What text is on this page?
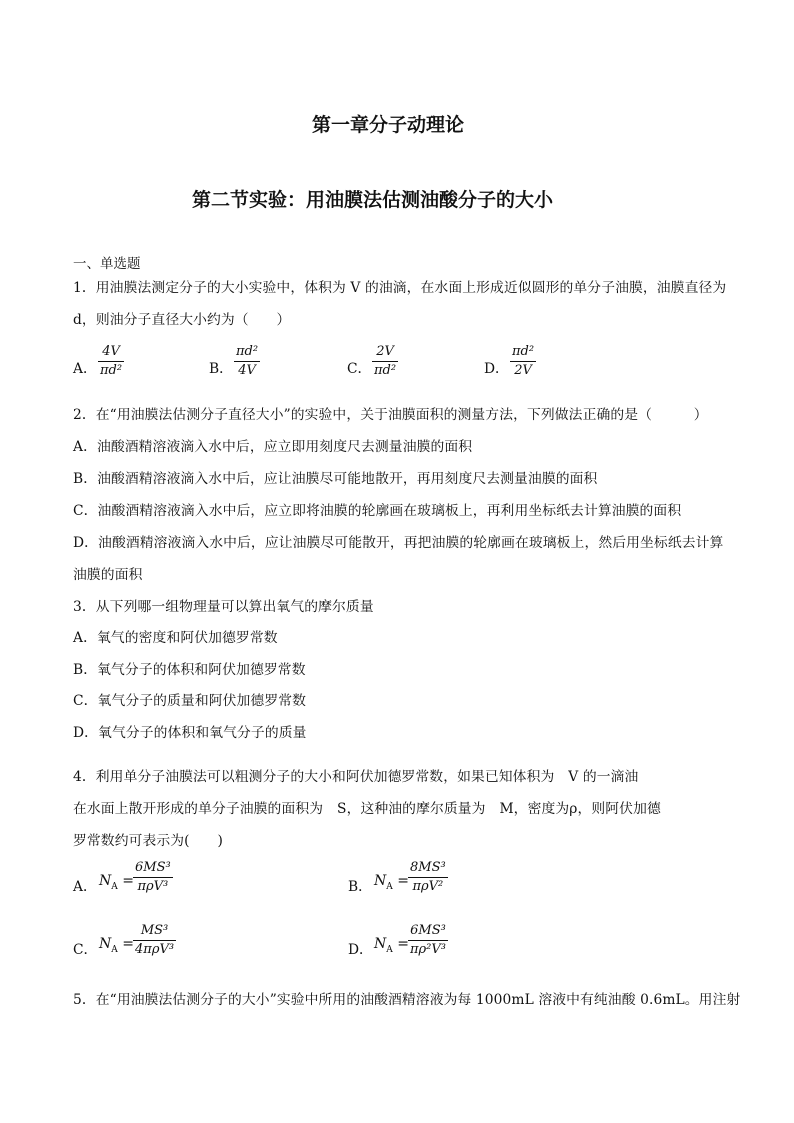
第一章分子动理论
第二节实验：用油膜法估测油酸分子的大小
一、单选题
1．用油膜法测定分子的大小实验中，体积为 V 的油滴，在水面上形成近似圆形的单分子油膜，油膜直径为
d，则油分子直径大小约为（　　）
A．
4V
πd²	B．
πd²
4V	C．
2V
πd²	D．
πd²
2V
2．在“用油膜法估测分子直径大小”的实验中，关于油膜面积的测量方法，下列做法正确的是（　　　）
A．油酸酒精溶液滴入水中后，应立即用刻度尺去测量油膜的面积
B．油酸酒精溶液滴入水中后，应让油膜尽可能地散开，再用刻度尺去测量油膜的面积
C．油酸酒精溶液滴入水中后，应立即将油膜的轮廓画在玻璃板上，再利用坐标纸去计算油膜的面积
D．油酸酒精溶液滴入水中后，应让油膜尽可能散开，再把油膜的轮廓画在玻璃板上，然后用坐标纸去计算
油膜的面积
3．从下列哪一组物理量可以算出氧气的摩尔质量
A．氧气的密度和阿伏加德罗常数
B．氧气分子的体积和阿伏加德罗常数
C．氧气分子的质量和阿伏加德罗常数
D．氧气分子的体积和氧气分子的质量
4．利用单分子油膜法可以粗测分子的大小和阿伏加德罗常数，如果已知体积为　V 的一滴油
在水面上散开形成的单分子油膜的面积为　S，这种油的摩尔质量为　M，密度为ρ，则阿伏加德
罗常数约可表示为(　　)
A． $N_A$ =
6MS³
πρV³	B． $N_A$ =
8MS³
πρV²
C． $N_A$ =
MS³
4πρV³	D． $N_A$ =
6MS³
πρ²V³
5．在“用油膜法估测分子的大小”实验中所用的油酸酒精溶液为每 1000mL 溶液中有纯油酸 0.6mL。用注射
